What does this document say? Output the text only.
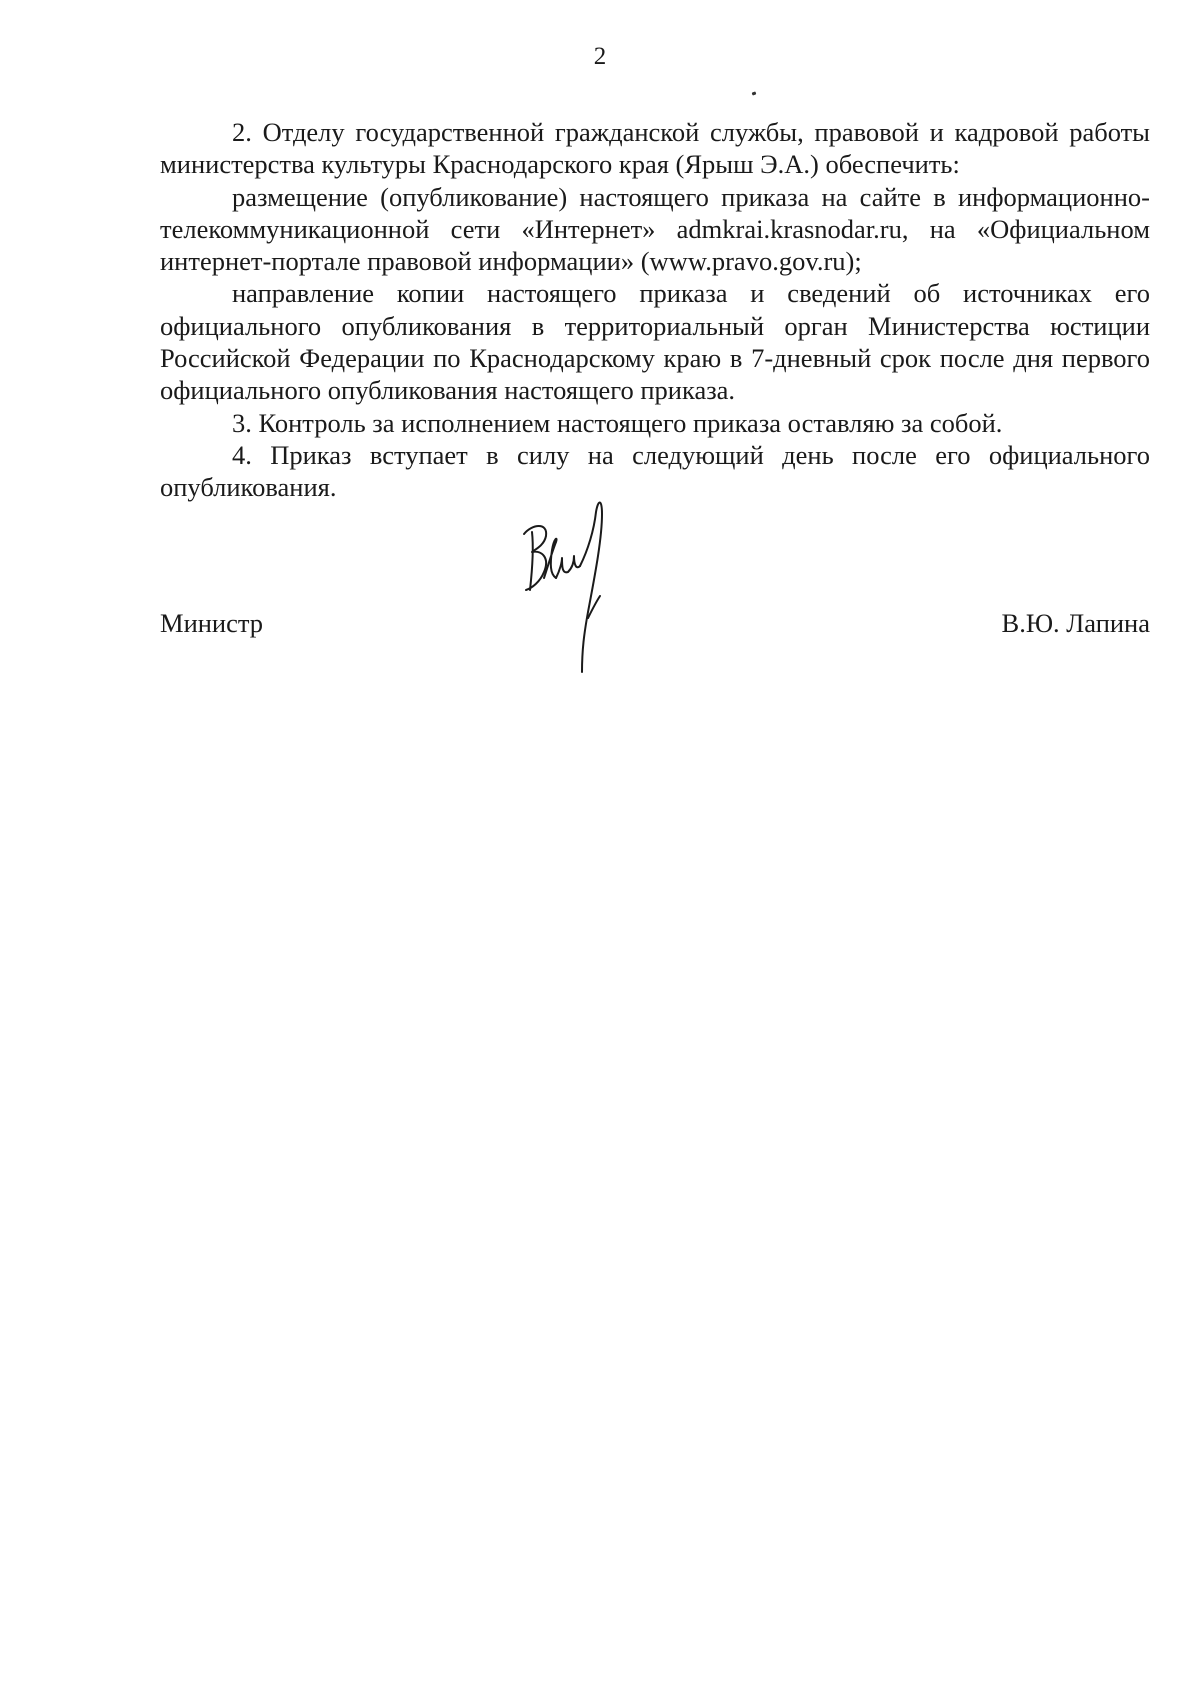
2

2. Отделу государственной гражданской службы, правовой и кадровой работы министерства культуры Краснодарского края (Ярыш Э.А.) обеспечить:

размещение (опубликование) настоящего приказа на сайте в информационно-телекоммуникационной сети «Интернет» admkrai.krasnodar.ru, на «Официальном интернет-портале правовой информации» (www.pravo.gov.ru);

направление копии настоящего приказа и сведений об источниках его официального опубликования в территориальный орган Министерства юстиции Российской Федерации по Краснодарскому краю в 7-дневный срок после дня первого официального опубликования настоящего приказа.

3. Контроль за исполнением настоящего приказа оставляю за собой.

4. Приказ вступает в силу на следующий день после его официального опубликования.

Министр	В.Ю. Лапина
